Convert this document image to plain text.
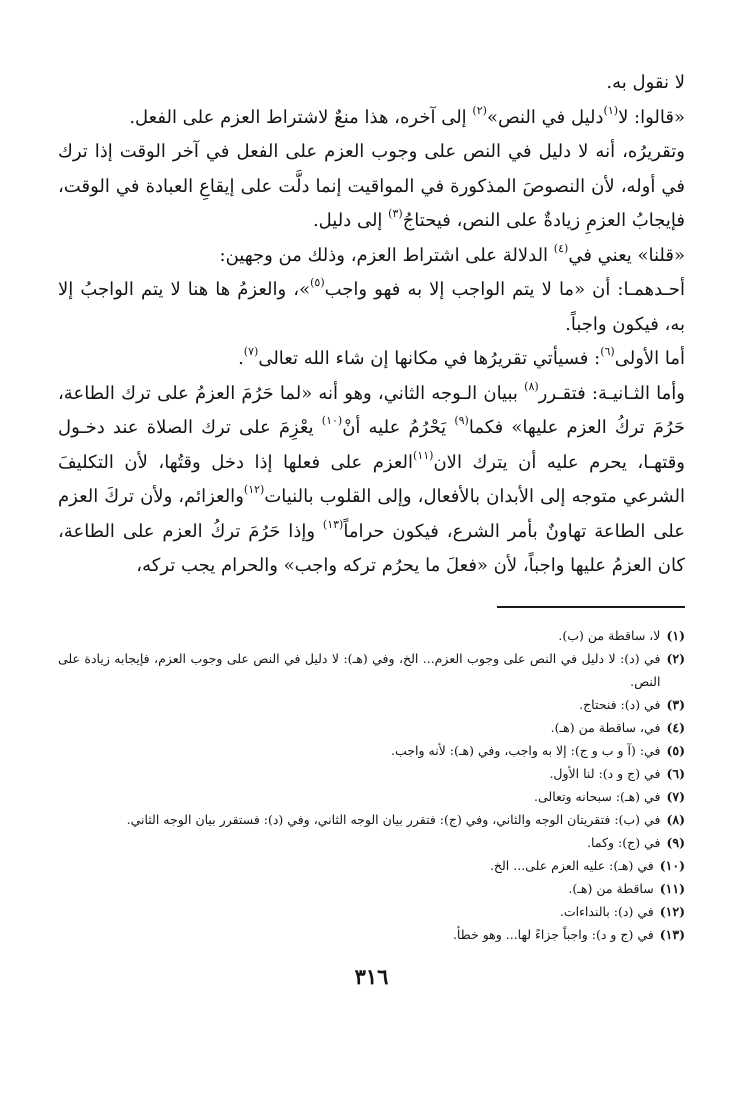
لا نقول به.

«قالوا: لا$^{(١)}$دليل في النص»$^{(٢)}$ إلى آخره، هذا منعٌ لاشتراط العزم على الفعل.

وتقريرُه، أنه لا دليل في النص على وجوب العزم على الفعل في آخر الوقت إذا ترك في أوله، لأن النصوصَ المذكورة في المواقيت إنما دلَّت على إيقاعِ العبادة في الوقت، فإيجابُ العزمِ زيادةٌ على النص، فيحتاجُ$^{(٣)}$ إلى دليل.

«قلنا» يعني في$^{(٤)}$ الدلالة على اشتراط العزم، وذلك من وجهين:

أحـدهمـا: أن «ما لا يتم الواجب إلا به فهو واجب$^{(٥)}$»، والعزمُ ها هنا لا يتم الواجبُ إلا به، فيكون واجباً.

أما الأولى$^{(٦)}$: فسيأتي تقريرُها في مكانها إن شاء الله تعالى$^{(٧)}$.

وأما الثـانيـة: فتقـرر$^{(٨)}$ ببيان الـوجه الثاني، وهو أنه «لما حَرُمَ العزمُ على ترك الطاعة، حَرُمَ تركُ العزم عليها» فكما$^{(٩)}$ يَحْرُمُ عليه أنْ$^{(١٠)}$ يعْزِمَ على ترك الصلاة عند دخـول وقتهـا، يحرم عليه أن يترك الان$^{(١١)}$العزم على فعلها إذا دخل وقتُها، لأن التكليفَ الشرعي متوجه إلى الأبدان بالأفعال، وإلى القلوب بالنيات$^{(١٢)}$والعزائم، ولأن تركَ العزم على الطاعة تهاونٌ بأمر الشرع، فيكون حراماً$^{(١٣)}$ وإذا حَرُمَ تركُ العزم على الطاعة، كان العزمُ عليها واجباً، لأن «فعلَ ما يحرُم تركه واجب» والحرام يجب تركه،

(١)
لا، ساقطة من (ب).
(٢)
في (د): لا دليل في النص على وجوب العزم... الخ، وفي (هـ): لا دليل في النص على وجوب العزم، فإيجابه زيادة على النص.
(٣)
في (د): فنحتاج.
(٤)
في، ساقطة من (هـ).
(٥)
في: (آ و ب و ج): إلا به واجب، وفي (هـ): لأنه واجب.
(٦)
في (ج و د): لنا الأول.
(٧)
في (هـ): سبحانه وتعالى.
(٨)
في (ب): فتقريتان الوجه والثاني، وفي (ج): فتقرر بيان الوجه الثاني، وفي (د): فستقرر بيان الوجه الثاني.
(٩)
في (ج): وكما.
(١٠)
في (هـ): عليه العزم على... الخ.
(١١)
ساقطة من (هـ).
(١٢)
في (د): بالنداءات.
(١٣)
في (ج و د): واجباً جزاءً لها... وهو خطأ.
٣١٦
